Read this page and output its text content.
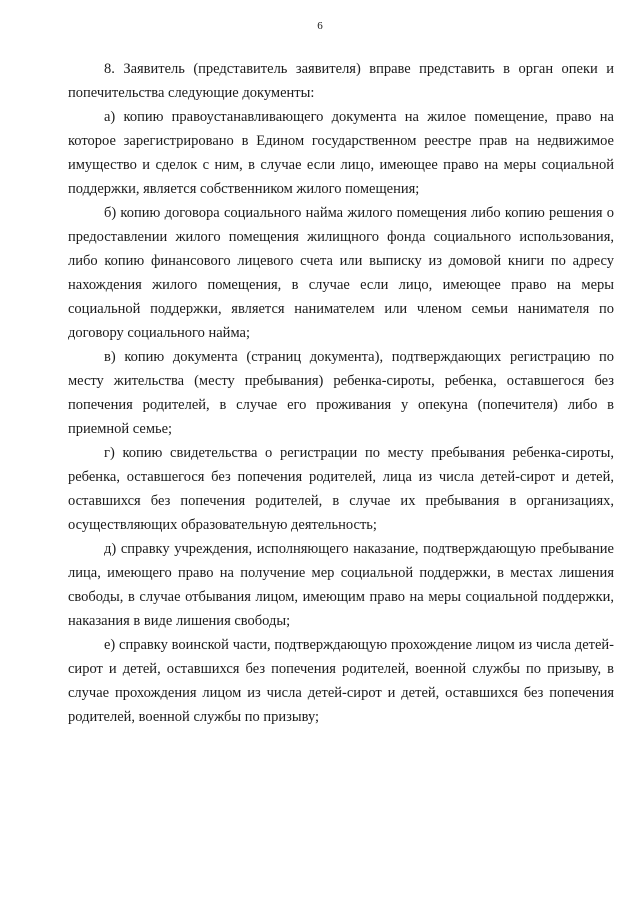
6

8. Заявитель (представитель заявителя) вправе представить в орган опеки и попечительства следующие документы:

а) копию правоустанавливающего документа на жилое помещение, право на которое зарегистрировано в Едином государственном реестре прав на недвижимое имущество и сделок с ним, в случае если лицо, имеющее право на меры социальной поддержки, является собственником жилого помещения;

б) копию договора социального найма жилого помещения либо копию решения о предоставлении жилого помещения жилищного фонда социального использования, либо копию финансового лицевого счета или выписку из домовой книги по адресу нахождения жилого помещения, в случае если лицо, имеющее право на меры социальной поддержки, является нанимателем или членом семьи нанимателя по договору социального найма;

в) копию документа (страниц документа), подтверждающих регистрацию по месту жительства (месту пребывания) ребенка-сироты, ребенка, оставшегося без попечения родителей, в случае его проживания у опекуна (попечителя) либо в приемной семье;

г) копию свидетельства о регистрации по месту пребывания ребенка-сироты, ребенка, оставшегося без попечения родителей, лица из числа детей-сирот и детей, оставшихся без попечения родителей, в случае их пребывания в организациях, осуществляющих образовательную деятельность;

д) справку учреждения, исполняющего наказание, подтверждающую пребывание лица, имеющего право на получение мер социальной поддержки, в местах лишения свободы, в случае отбывания лицом, имеющим право на меры социальной поддержки, наказания в виде лишения свободы;

е) справку воинской части, подтверждающую прохождение лицом из числа детей-сирот и детей, оставшихся без попечения родителей, военной службы по призыву, в случае прохождения лицом из числа детей-сирот и детей, оставшихся без попечения родителей, военной службы по призыву;
